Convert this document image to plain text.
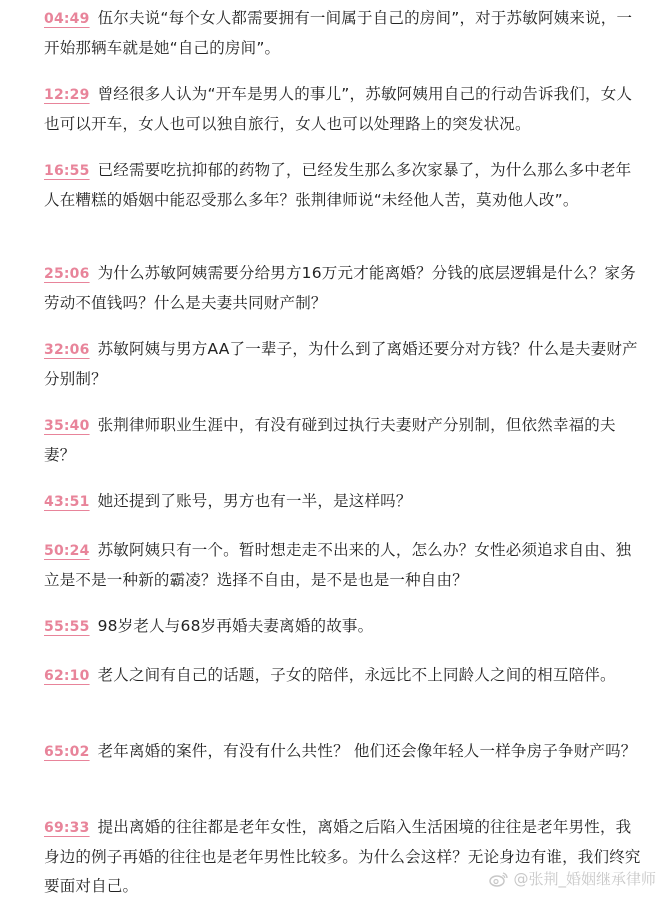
04:49 伍尔夫说“每个女人都需要拥有一间属于自己的房间”，对于苏敏阿姨来说，一开始那辆车就是她“自己的房间”。
12:29 曾经很多人认为“开车是男人的事儿”，苏敏阿姨用自己的行动告诉我们，女人也可以开车，女人也可以独自旅行，女人也可以处理路上的突发状况。
16:55 已经需要吃抗抑郁的药物了，已经发生那么多次家暴了，为什么那么多中老年人在糟糕的婚姻中能忍受那么多年？张荆律师说“未经他人苦，莫劝他人改”。
25:06 为什么苏敏阿姨需要分给男方16万元才能离婚？分钱的底层逻辑是什么？家务劳动不值钱吗？什么是夫妻共同财产制？
32:06 苏敏阿姨与男方AA了一辈子，为什么到了离婚还要分对方钱？什么是夫妻财产分别制？
35:40 张荆律师职业生涯中，有没有碰到过执行夫妻财产分别制，但依然幸福的夫妻？
43:51 她还提到了账号，男方也有一半，是这样吗？
50:24 苏敏阿姨只有一个。暂时想走走不出来的人，怎么办？女性必须追求自由、独立是不是一种新的霸凌？选择不自由，是不是也是一种自由？
55:55 98岁老人与68岁再婚夫妻离婚的故事。
62:10 老人之间有自己的话题，子女的陪伴，永远比不上同龄人之间的相互陪伴。
65:02 老年离婚的案件，有没有什么共性？ 他们还会像年轻人一样争房子争财产吗？
69:33 提出离婚的往往都是老年女性，离婚之后陷入生活困境的往往是老年男性，我身边的例子再婚的往往也是老年男性比较多。为什么会这样？无论身边有谁，我们终究要面对自己。	@张荆_婚姻继承律师
